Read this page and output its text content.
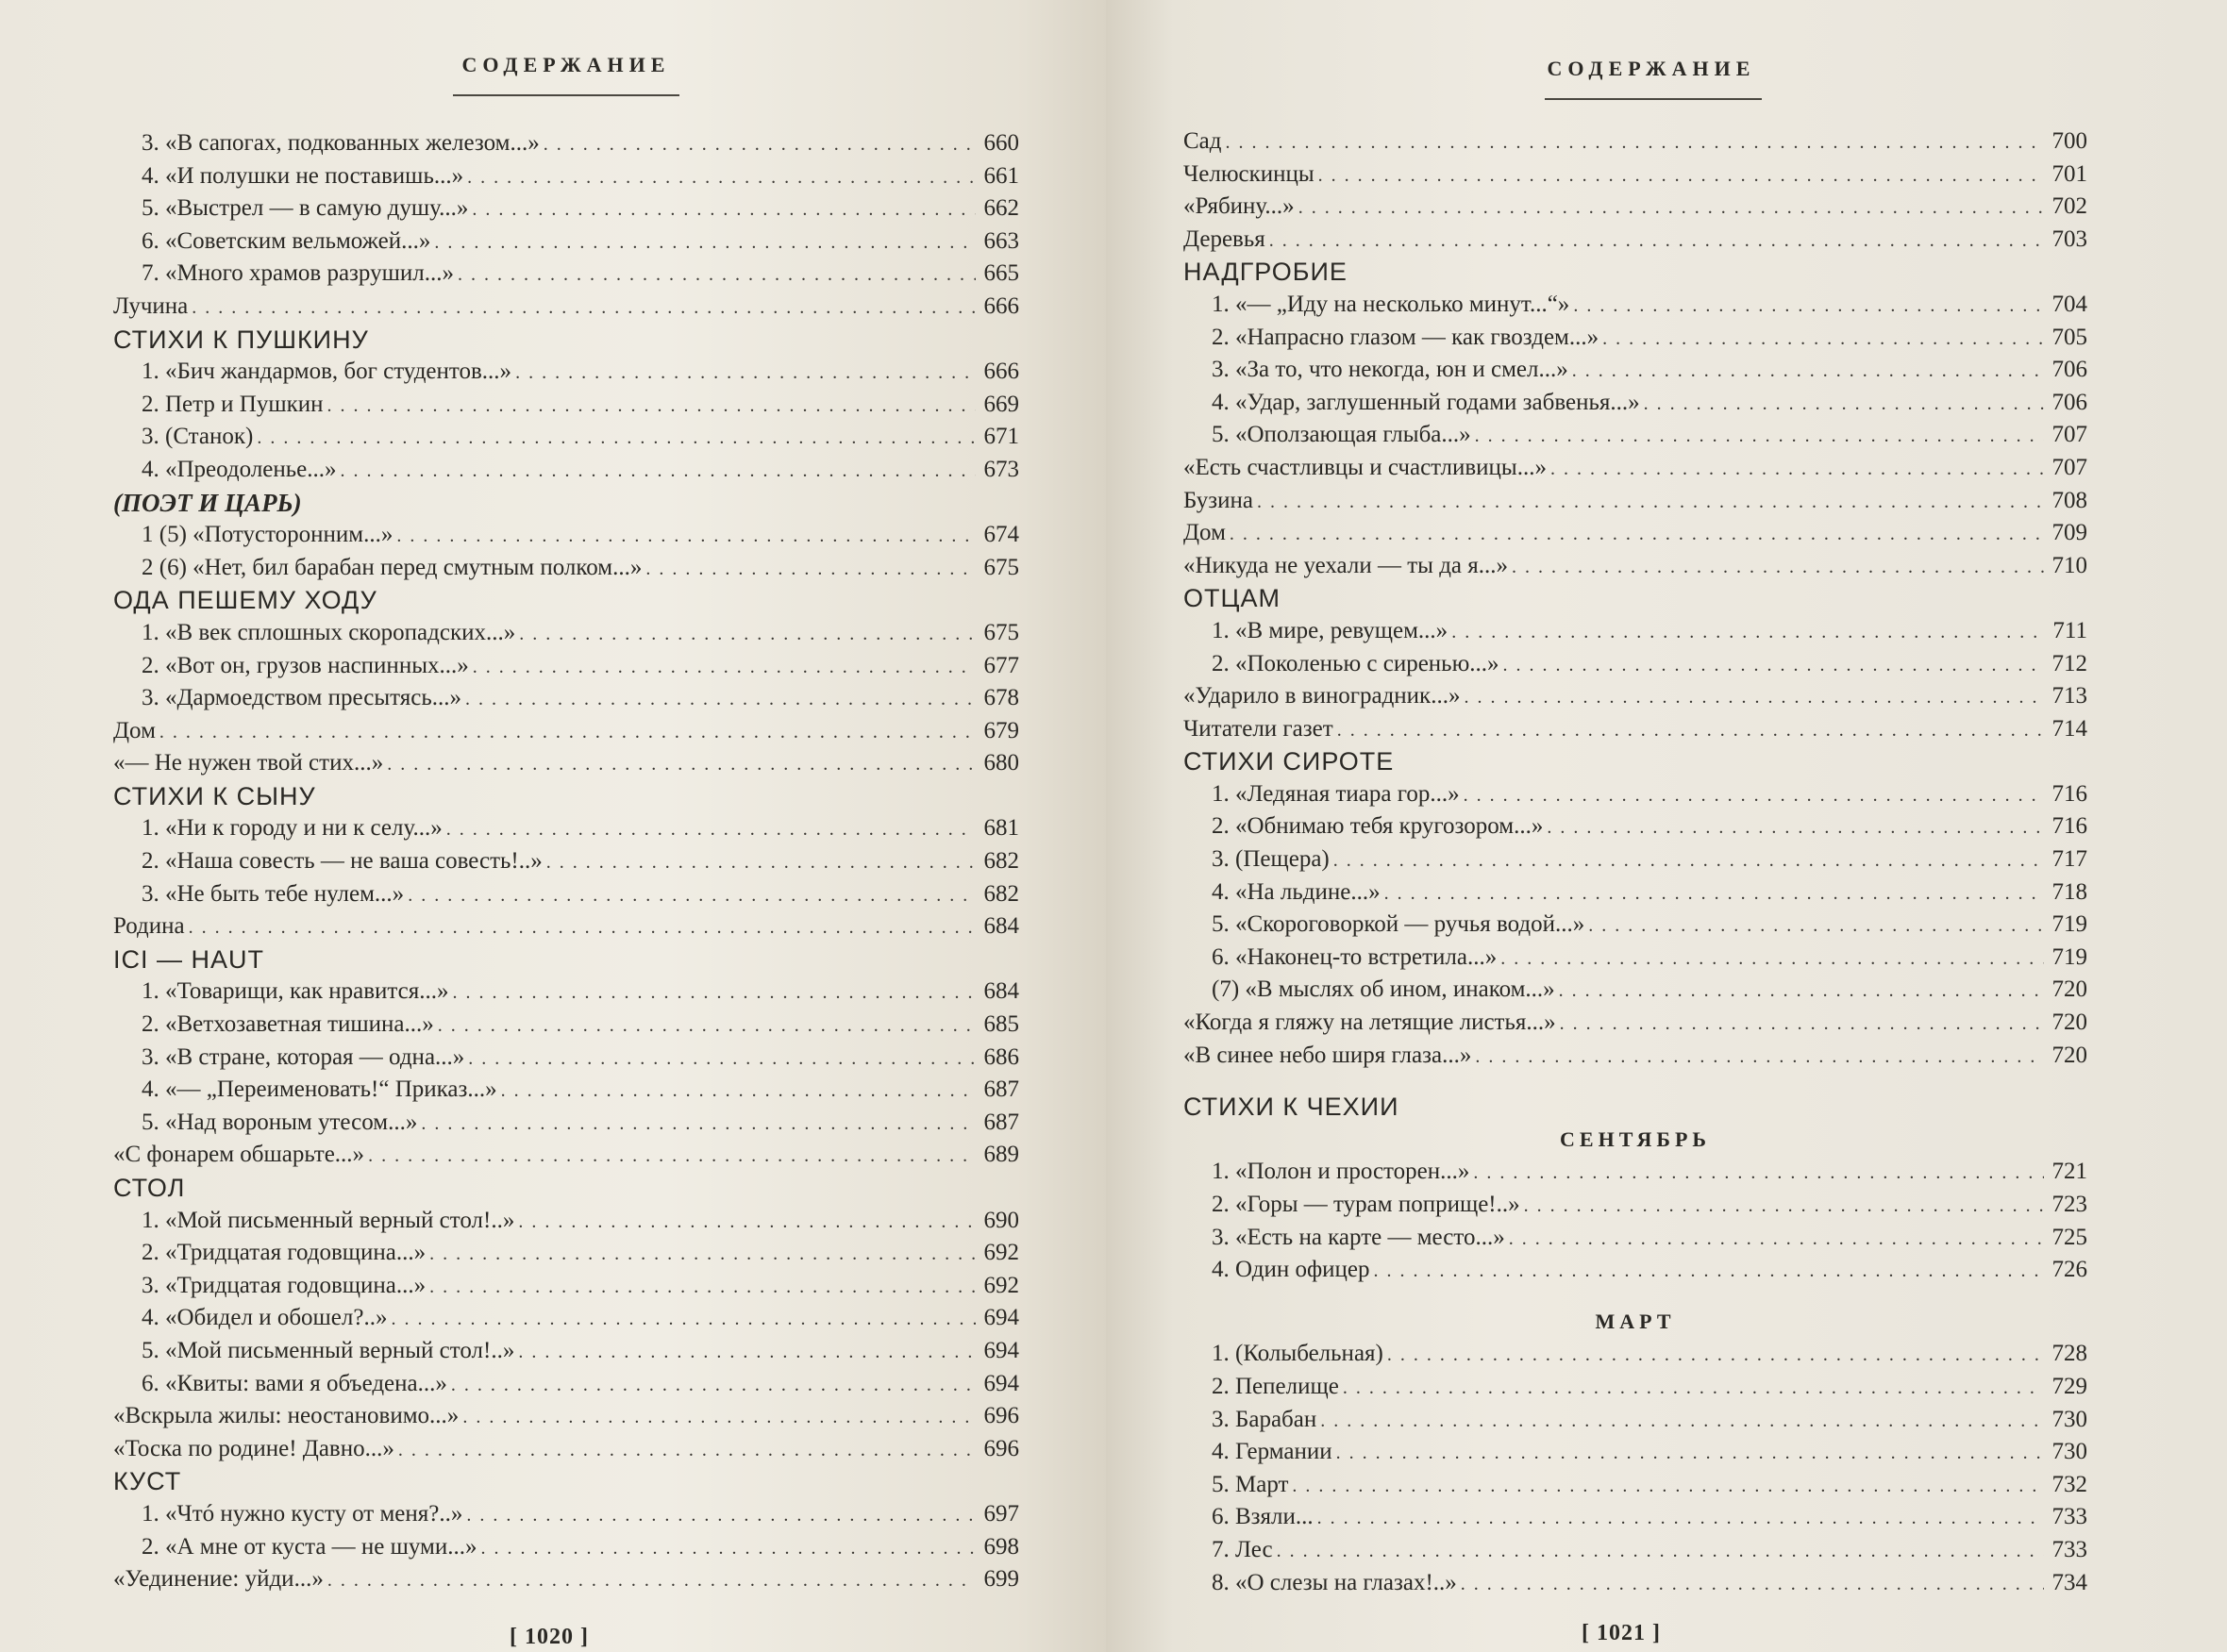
СОДЕРЖАНИЕ
3. «В сапогах, подкованных железом...» . . .	660
4. «И полушки не поставишь...» . . .	661
5. «Выстрел — в самую душу...» . . .	662
6. «Советским вельможей...» . . .	663
7. «Много храмов разрушил...» . . .	665
Лучина . . .	666
СТИХИ К ПУШКИНУ
1. «Бич жандармов, бог студентов...» . . .	666
2. Петр и Пушкин . . .	669
3. (Станок) . . .	671
4. «Преодоленье...» . . .	673
(ПОЭТ И ЦАРЬ)
1 (5) «Потусторонним...» . . .	674
2 (6) «Нет, бил барабан перед смутным полком...» . . .	675
ОДА ПЕШЕМУ ХОДУ
1. «В век сплошных скоропадских...» . . .	675
2. «Вот он, грузов наспинных...» . . .	677
3. «Дармоедством пресытясь...» . . .	678
Дом . . .	679
«— Не нужен твой стих...» . . .	680
СТИХИ К СЫНУ
1. «Ни к городу и ни к селу...» . . .	681
2. «Наша совесть — не ваша совесть!..» . . .	682
3. «Не быть тебе нулем...» . . .	682
Родина . . .	684
ICI — HAUT
1. «Товарищи, как нравится...» . . .	684
2. «Ветхозаветная тишина...» . . .	685
3. «В стране, которая — одна...» . . .	686
4. «— „Переименовать!“ Приказ...» . . .	687
5. «Над вороным утесом...» . . .	687
«С фонарем обшарьте...» . . .	689
СТОЛ
1. «Мой письменный верный стол!..» . . .	690
2. «Тридцатая годовщина...» . . .	692
3. «Тридцатая годовщина...» . . .	692
4. «Обидел и обошел?..» . . .	694
5. «Мой письменный верный стол!..» . . .	694
6. «Квиты: вами я объедена...» . . .	694
«Вскрыла жилы: неостановимо...» . . .	696
«Тоска по родине! Давно...» . . .	696
КУСТ
1. «Чтó нужно кусту от меня?..» . . .	697
2. «А мне от куста — не шуми...» . . .	698
«Уединение: уйди...» . . .	699
[ 1020 ]
СОДЕРЖАНИЕ
Сад . . .	700
Челюскинцы . . .	701
«Рябину...» . . .	702
Деревья . . .	703
НАДГРОБИЕ
1. «— „Иду на несколько минут...“» . . .	704
2. «Напрасно глазом — как гвоздем...» . . .	705
3. «За то, что некогда, юн и смел...» . . .	706
4. «Удар, заглушенный годами забвенья...» . . .	706
5. «Оползающая глыба...» . . .	707
«Есть счастливцы и счастливицы...» . . .	707
Бузина . . .	708
Дом . . .	709
«Никуда не уехали — ты да я...» . . .	710
ОТЦАМ
1. «В мире, ревущем...» . . .	711
2. «Поколенью с сиренью...» . . .	712
«Ударило в виноградник...» . . .	713
Читатели газет . . .	714
СТИХИ СИРОТЕ
1. «Ледяная тиара гор...» . . .	716
2. «Обнимаю тебя кругозором...» . . .	716
3. (Пещера) . . .	717
4. «На льдине...» . . .	718
5. «Скороговоркой — ручья водой...» . . .	719
6. «Наконец-то встретила...» . . .	719
(7) «В мыслях об ином, инаком...» . . .	720
«Когда я гляжу на летящие листья...» . . .	720
«В синее небо ширя глаза...» . . .	720
СТИХИ К ЧЕХИИ
СЕНТЯБРЬ
1. «Полон и просторен...» . . .	721
2. «Горы — турам поприще!..» . . .	723
3. «Есть на карте — место...» . . .	725
4. Один офицер . . .	726
МАРТ
1. (Колыбельная) . . .	728
2. Пепелище . . .	729
3. Барабан . . .	730
4. Германии . . .	730
5. Март . . .	732
6. Взяли... . . .	733
7. Лес . . .	733
8. «О слезы на глазах!..» . . .	734
[ 1021 ]
